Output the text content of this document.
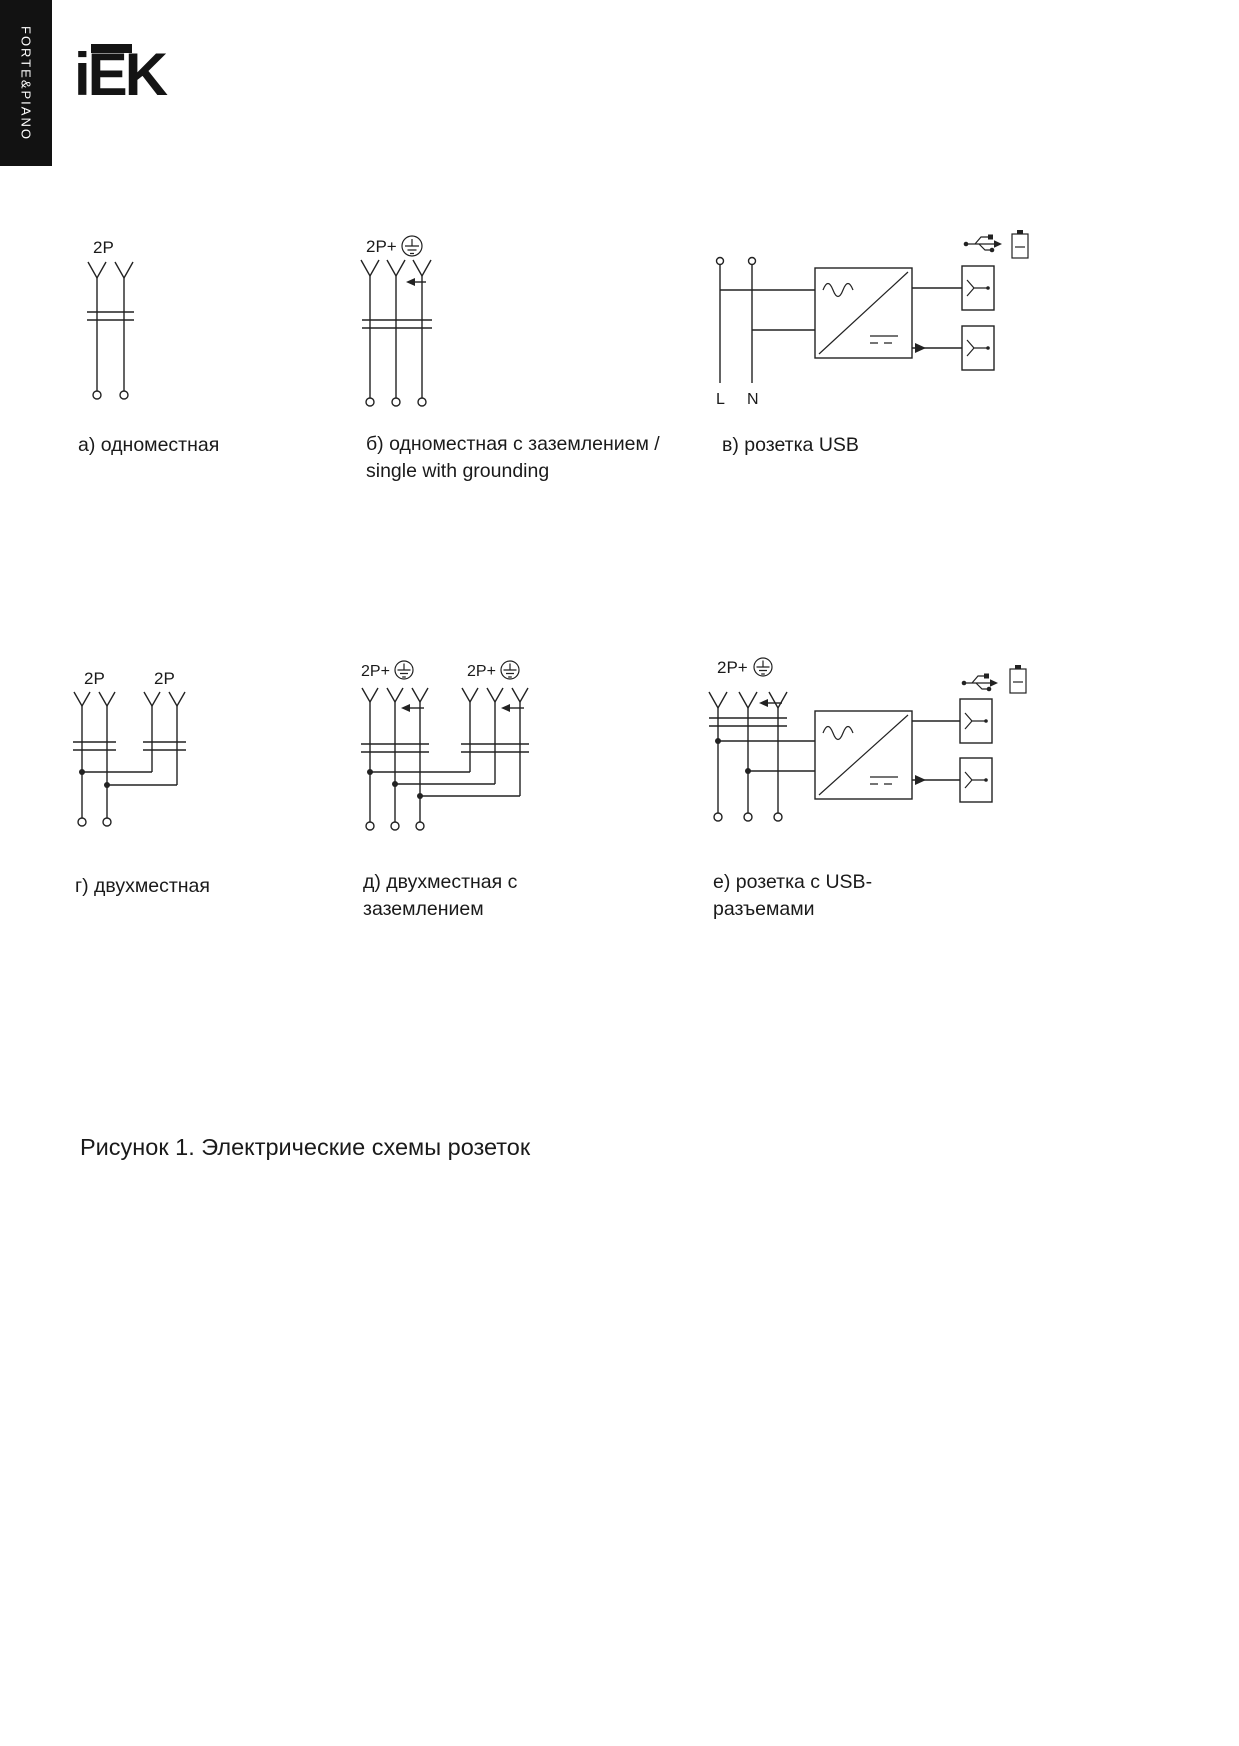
FORTE&PIANO iEK
2P
а) одноместная
2P+
б) одноместная с заземлением /
single with grounding
L N
в) розетка USB
2P	2P
г) двухместная
2P+	2P+
д) двухместная с
заземлением
2P+
е) розетка с USB-
разъемами
Рисунок 1. Электрические схемы розеток
